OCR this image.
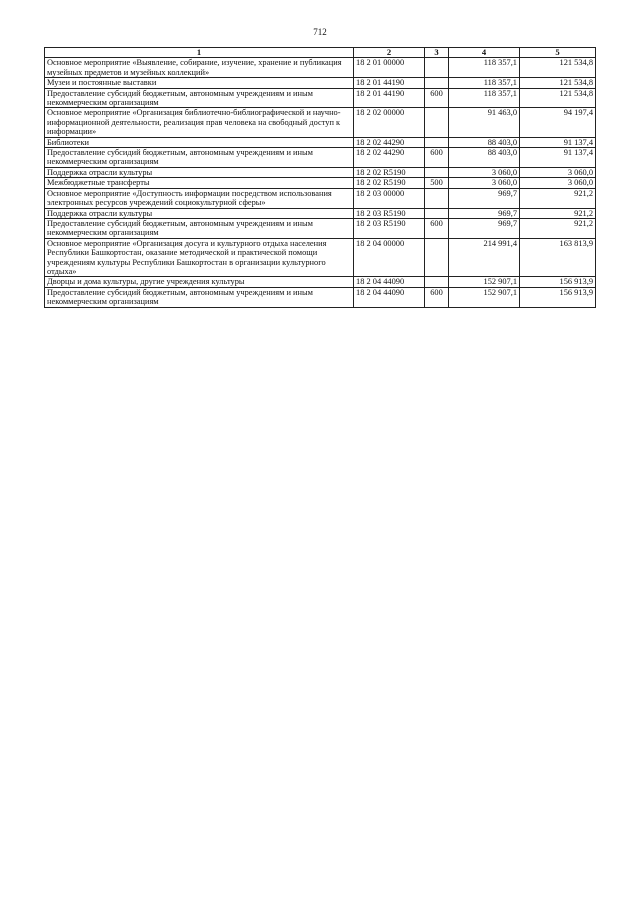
712
1	2	3	4	5
Основное мероприятие «Выявление, собирание, изучение, хранение и публикация музейных предметов и музейных коллекций»	18 2 01 00000		118 357,1	121 534,8
Музеи и постоянные выставки	18 2 01 44190		118 357,1	121 534,8
Предоставление субсидий бюджетным, автономным учреждениям и иным некоммерческим организациям	18 2 01 44190	600	118 357,1	121 534,8
Основное мероприятие «Организация библиотечно-библиографической и научно-информационной деятельности, реализация прав человека на свободный доступ к информации»	18 2 02 00000		91 463,0	94 197,4
Библиотеки	18 2 02 44290		88 403,0	91 137,4
Предоставление субсидий бюджетным, автономным учреждениям и иным некоммерческим организациям	18 2 02 44290	600	88 403,0	91 137,4
Поддержка отрасли культуры	18 2 02 R5190		3 060,0	3 060,0
Межбюджетные трансферты	18 2 02 R5190	500	3 060,0	3 060,0
Основное мероприятие «Доступность информации посредством использования электронных ресурсов учреждений социокультурной сферы»	18 2 03 00000		969,7	921,2
Поддержка отрасли культуры	18 2 03 R5190		969,7	921,2
Предоставление субсидий бюджетным, автономным учреждениям и иным некоммерческим организациям	18 2 03 R5190	600	969,7	921,2
Основное мероприятие «Организация досуга и культурного отдыха населения Республики Башкортостан, оказание методической и практической помощи учреждениям культуры Республики Башкортостан в организации культурного отдыха»	18 2 04 00000		214 991,4	163 813,9
Дворцы и дома культуры, другие учреждения культуры	18 2 04 44090		152 907,1	156 913,9
Предоставление субсидий бюджетным, автономным учреждениям и иным некоммерческим организациям	18 2 04 44090	600	152 907,1	156 913,9
